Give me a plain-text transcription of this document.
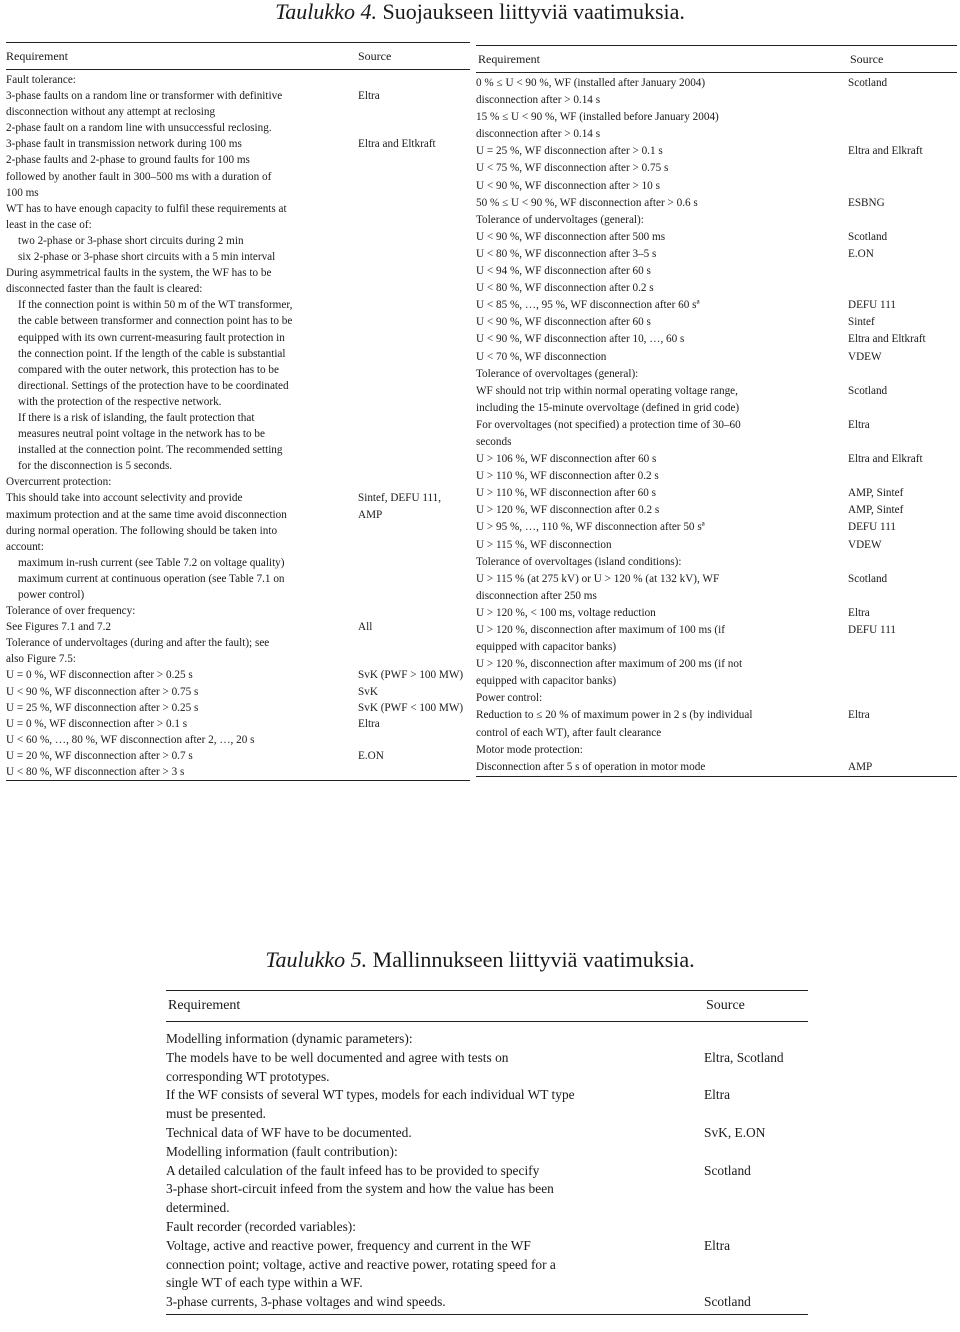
Taulukko 4. Suojaukseen liittyviä vaatimuksia.
Requirement	Source
Fault tolerance:
3-phase faults on a random line or transformer with definitive	Eltra
disconnection without any attempt at reclosing
2-phase fault on a random line with unsuccessful reclosing.
3-phase fault in transmission network during 100 ms	Eltra and Eltkraft
2-phase faults and 2-phase to ground faults for 100 ms
followed by another fault in 300–500 ms with a duration of
100 ms
WT has to have enough capacity to fulfil these requirements at
least in the case of:
two 2-phase or 3-phase short circuits during 2 min
six 2-phase or 3-phase short circuits with a 5 min interval
During asymmetrical faults in the system, the WF has to be
disconnected faster than the fault is cleared:
If the connection point is within 50 m of the WT transformer,
the cable between transformer and connection point has to be
equipped with its own current-measuring fault protection in
the connection point. If the length of the cable is substantial
compared with the outer network, this protection has to be
directional. Settings of the protection have to be coordinated
with the protection of the respective network.
If there is a risk of islanding, the fault protection that
measures neutral point voltage in the network has to be
installed at the connection point. The recommended setting
for the disconnection is 5 seconds.
Overcurrent protection:
This should take into account selectivity and provide	Sintef, DEFU 111,
maximum protection and at the same time avoid disconnection	AMP
during normal operation. The following should be taken into
account:
maximum in-rush current (see Table 7.2 on voltage quality)
maximum current at continuous operation (see Table 7.1 on
power control)
Tolerance of over frequency:
See Figures 7.1 and 7.2	All
Tolerance of undervoltages (during and after the fault); see
also Figure 7.5:
U = 0 %, WF disconnection after > 0.25 s	SvK (PWF > 100 MW)
U < 90 %, WF disconnection after > 0.75 s	SvK
U = 25 %, WF disconnection after > 0.25 s	SvK (PWF < 100 MW)
U = 0 %, WF disconnection after > 0.1 s	Eltra
U < 60 %, …, 80 %, WF disconnection after 2, …, 20 s
U = 20 %, WF disconnection after > 0.7 s	E.ON
U < 80 %, WF disconnection after > 3 s
Requirement	Source
0 % ≤ U < 90 %, WF (installed after January 2004)	Scotland
disconnection after > 0.14 s
15 % ≤ U < 90 %, WF (installed before January 2004)
disconnection after > 0.14 s
U = 25 %, WF disconnection after > 0.1 s	Eltra and Elkraft
U < 75 %, WF disconnection after > 0.75 s
U < 90 %, WF disconnection after > 10 s
50 % ≤ U < 90 %, WF disconnection after > 0.6 s	ESBNG
Tolerance of undervoltages (general):
U < 90 %, WF disconnection after 500 ms	Scotland
U < 80 %, WF disconnection after 3–5 s	E.ON
U < 94 %, WF disconnection after 60 s
U < 80 %, WF disconnection after 0.2 s
U < 85 %, …, 95 %, WF disconnection after 60 sª	DEFU 111
U < 90 %, WF disconnection after 60 s	Sintef
U < 90 %, WF disconnection after 10, …, 60 s	Eltra and Eltkraft
U < 70 %, WF disconnection	VDEW
Tolerance of overvoltages (general):
WF should not trip within normal operating voltage range,	Scotland
including the 15-minute overvoltage (defined in grid code)
For overvoltages (not specified) a protection time of 30–60	Eltra
seconds
U > 106 %, WF disconnection after 60 s	Eltra and Elkraft
U > 110 %, WF disconnection after 0.2 s
U > 110 %, WF disconnection after 60 s	AMP, Sintef
U > 120 %, WF disconnection after 0.2 s	AMP, Sintef
U > 95 %, …, 110 %, WF disconnection after 50 sª	DEFU 111
U > 115 %, WF disconnection	VDEW
Tolerance of overvoltages (island conditions):
U > 115 % (at 275 kV) or U > 120 % (at 132 kV), WF	Scotland
disconnection after 250 ms
U > 120 %, < 100 ms, voltage reduction	Eltra
U > 120 %, disconnection after maximum of 100 ms (if	DEFU 111
equipped with capacitor banks)
U > 120 %, disconnection after maximum of 200 ms (if not
equipped with capacitor banks)
Power control:
Reduction to ≤ 20 % of maximum power in 2 s (by individual	Eltra
control of each WT), after fault clearance
Motor mode protection:
Disconnection after 5 s of operation in motor mode	AMP
Taulukko 5. Mallinnukseen liittyviä vaatimuksia.
Requirement	Source
Modelling information (dynamic parameters):
The models have to be well documented and agree with tests on	Eltra, Scotland
corresponding WT prototypes.
If the WF consists of several WT types, models for each individual WT type	Eltra
must be presented.
Technical data of WF have to be documented.	SvK, E.ON
Modelling information (fault contribution):
A detailed calculation of the fault infeed has to be provided to specify	Scotland
3-phase short-circuit infeed from the system and how the value has been
determined.
Fault recorder (recorded variables):
Voltage, active and reactive power, frequency and current in the WF	Eltra
connection point; voltage, active and reactive power, rotating speed for a
single WT of each type within a WF.
3-phase currents, 3-phase voltages and wind speeds.	Scotland
